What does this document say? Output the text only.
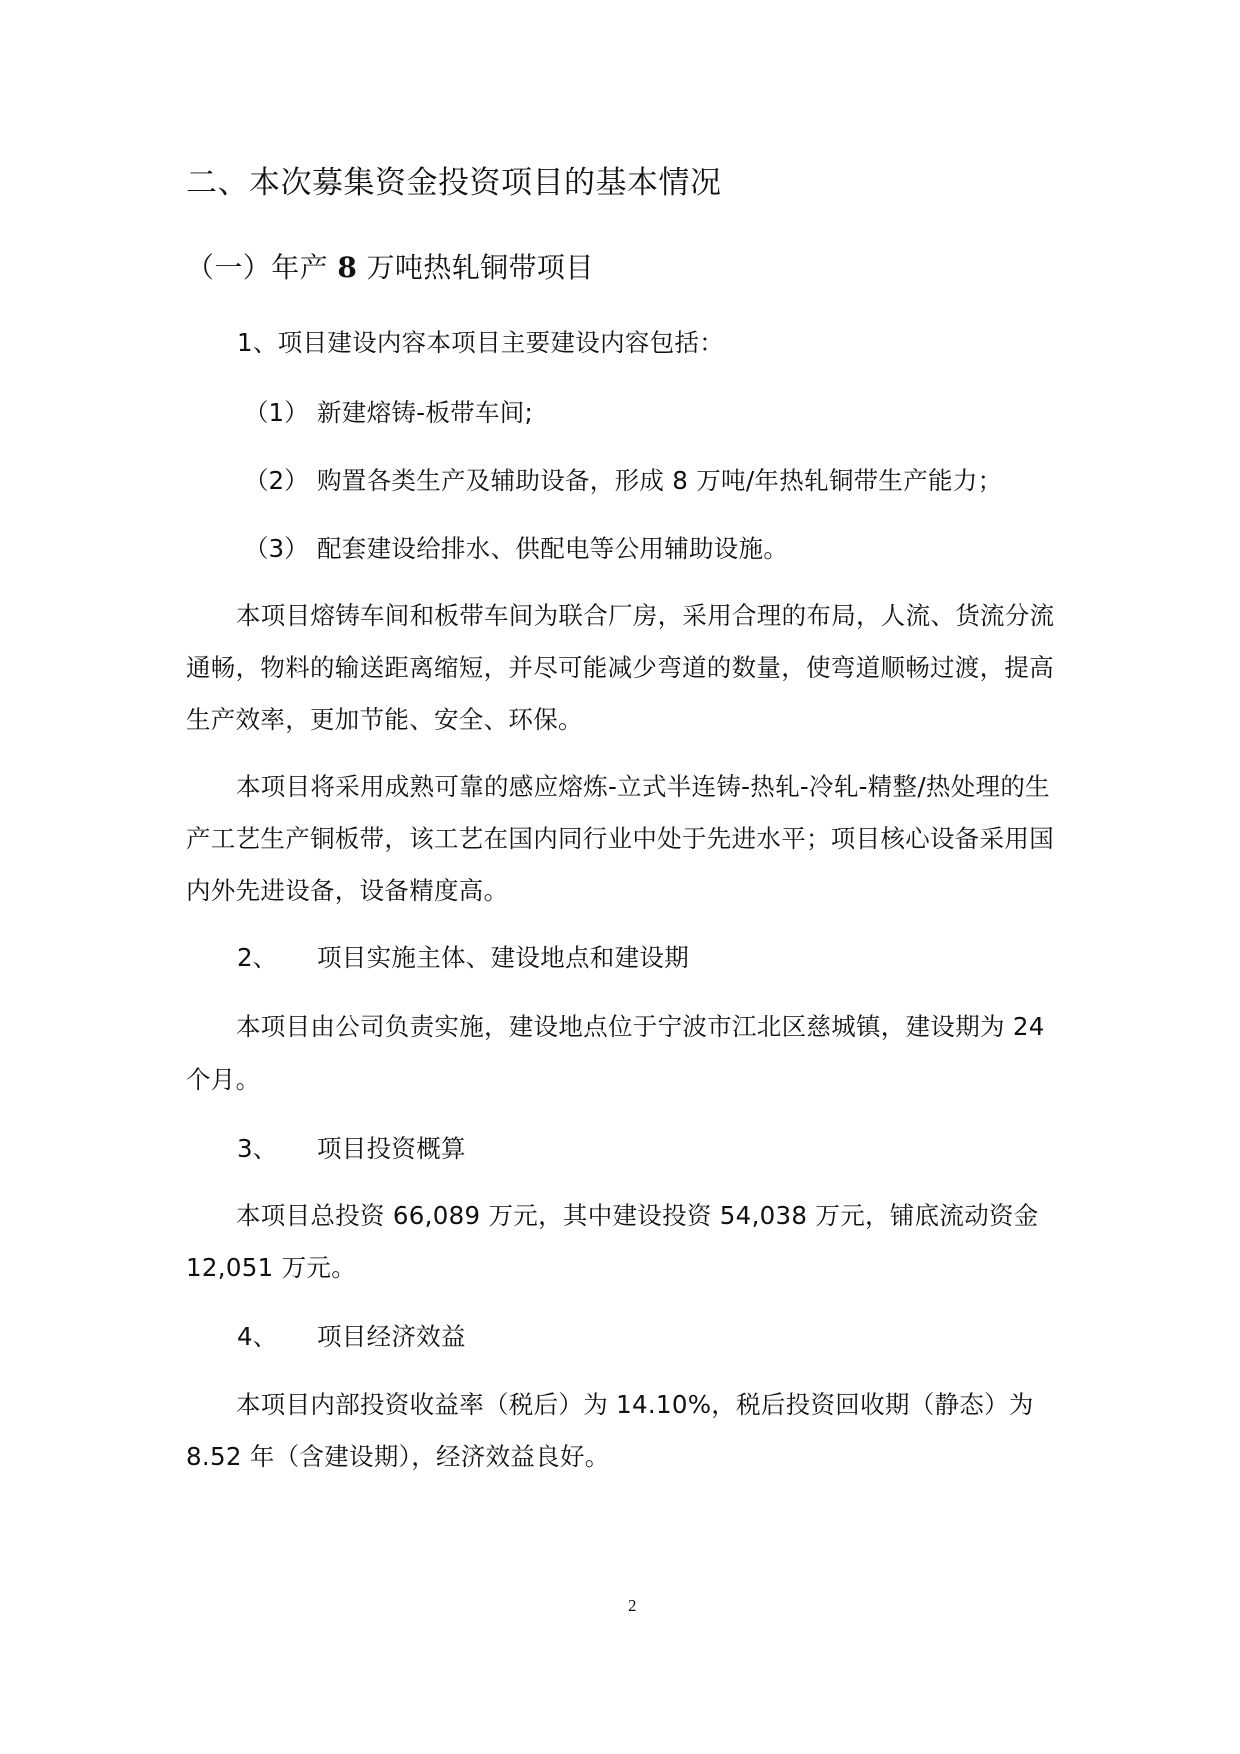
二、本次募集资金投资项目的基本情况
（一）年产 8 万吨热轧铜带项目
1、项目建设内容本项目主要建设内容包括：
（1） 新建熔铸-板带车间;
（2） 购置各类生产及辅助设备，形成 8 万吨/年热轧铜带生产能力；
（3） 配套建设给排水、供配电等公用辅助设施。
本项目熔铸车间和板带车间为联合厂房，采用合理的布局，人流、货流分流
通畅，物料的输送距离缩短，并尽可能减少弯道的数量，使弯道顺畅过渡，提高
生产效率，更加节能、安全、环保。
本项目将采用成熟可靠的感应熔炼-立式半连铸-热轧-冷轧-精整/热处理的生
产工艺生产铜板带，该工艺在国内同行业中处于先进水平；项目核心设备采用国
内外先进设备，设备精度高。
2、 项目实施主体、建设地点和建设期
本项目由公司负责实施，建设地点位于宁波市江北区慈城镇，建设期为 24
个月。
3、 项目投资概算
本项目总投资 66,089 万元，其中建设投资 54,038 万元，铺底流动资金
12,051 万元。
4、 项目经济效益
本项目内部投资收益率（税后）为 14.10%，税后投资回收期（静态）为
8.52 年（含建设期），经济效益良好。
2
